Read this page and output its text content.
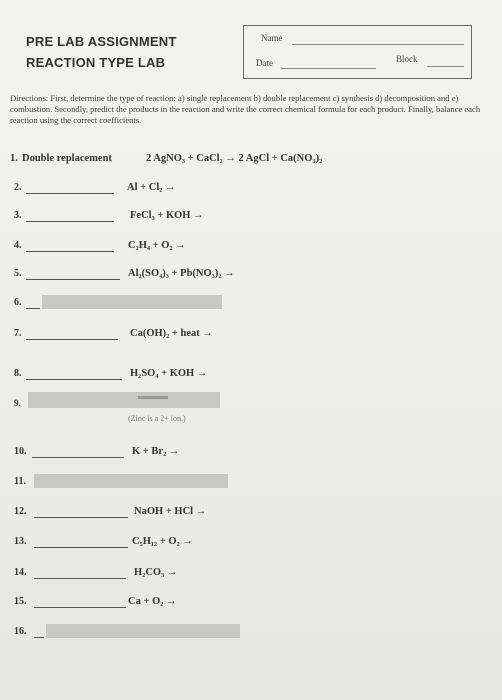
PRE LAB ASSIGNMENT
REACTION TYPE LAB
Name
Date	Block
Directions: First, determine the type of reaction: a) single replacement b) double replacement c) synthesis d) decomposition and e) combustion. Secondly, predict the products in the reaction and write the correct chemical formula for each product. Finally, balance each reaction using the correct coefficients.
1. Double replacement	2 AgNO₃ + CaCl₂ → 2 AgCl + Ca(NO₃)₂
2.	Al + Cl₂ →
3.	FeCl₃ + KOH →
4.	C₂H₄ + O₂ →
5.	Al₂(SO₄)₃ + Pb(NO₃)₂ →
6.
7.	Ca(OH)₂ + heat →
8.	H₂SO₄ + KOH →
9.
(Zinc is a 2+ ion.)
10.	K + Br₂ →
11.
12.	NaOH + HCl →
13.	C₅H₁₂ + O₂ →
14.	H₂CO₃ →
15.	Ca + O₂ →
16.
